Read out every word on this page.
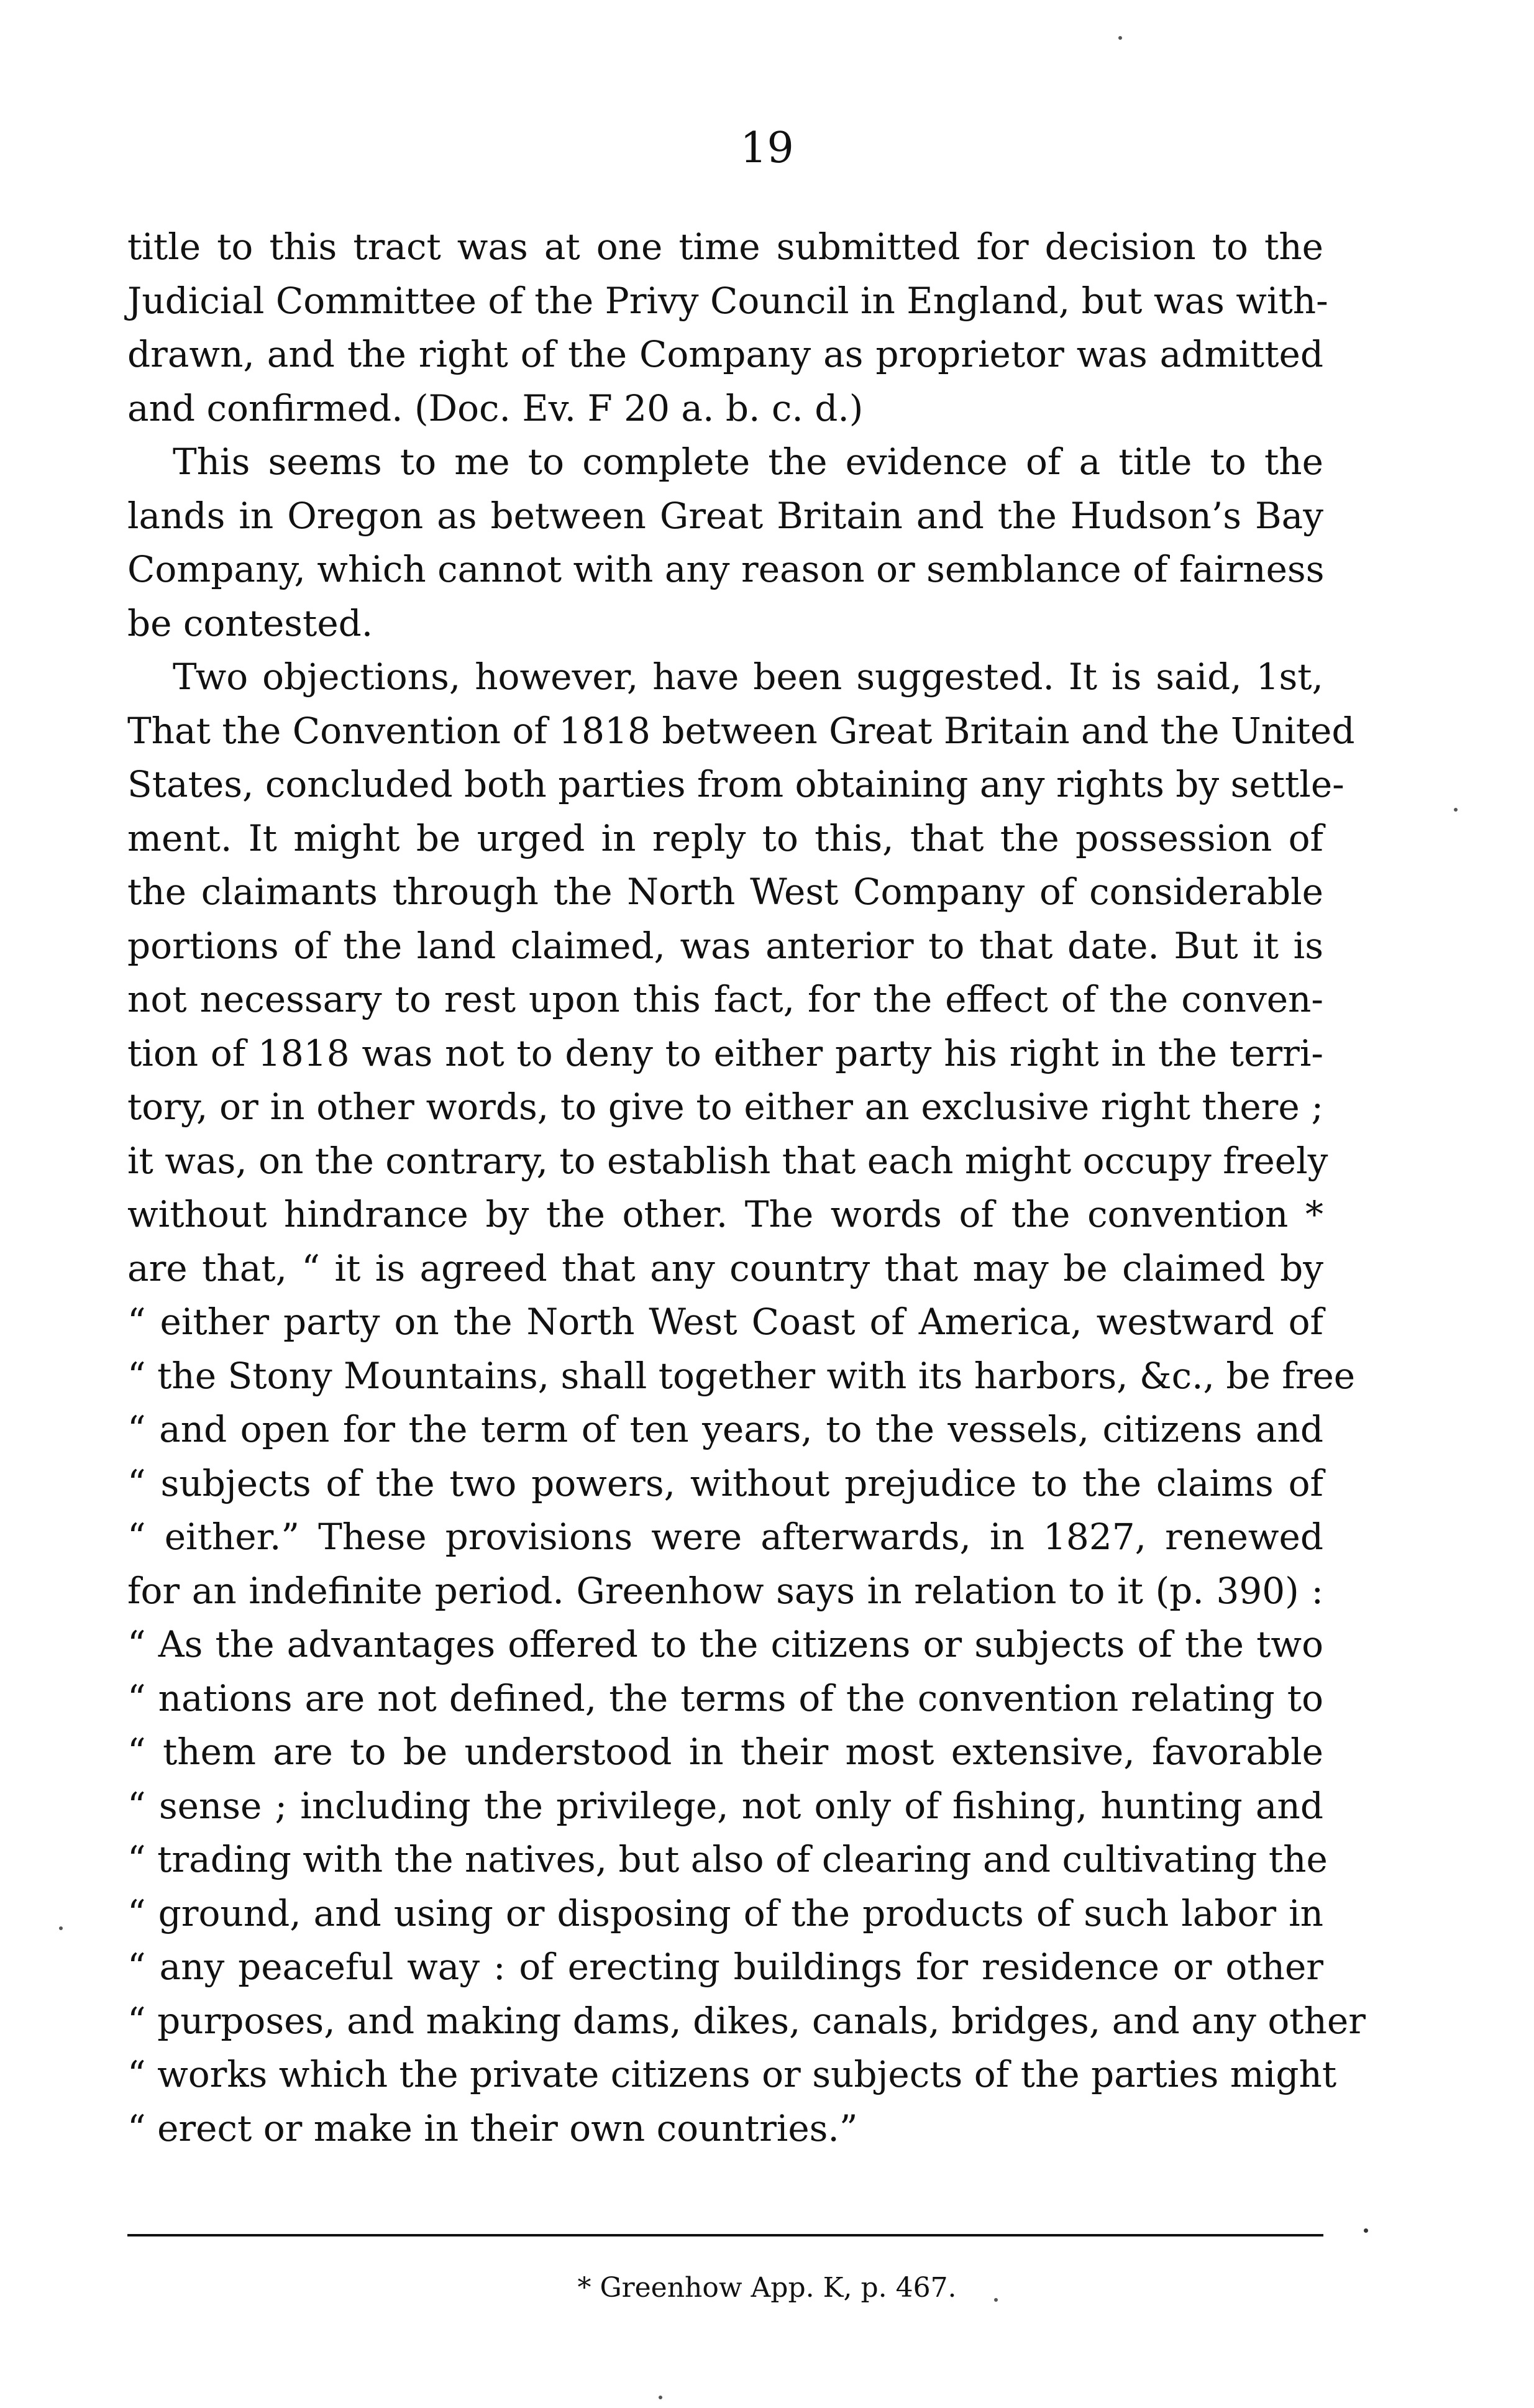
19
title to this tract was at one time submitted for decision to the
Judicial Committee of the Privy Council in England, but was with-
drawn, and the right of the Company as proprietor was admitted
and confirmed. (Doc. Ev. F 20 a. b. c. d.)
This seems to me to complete the evidence of a title to the
lands in Oregon as between Great Britain and the Hudson’s Bay
Company, which cannot with any reason or semblance of fairness
be contested.
Two objections, however, have been suggested. It is said, 1st,
That the Convention of 1818 between Great Britain and the United
States, concluded both parties from obtaining any rights by settle-
ment. It might be urged in reply to this, that the possession of
the claimants through the North West Company of considerable
portions of the land claimed, was anterior to that date. But it is
not necessary to rest upon this fact, for the effect of the conven-
tion of 1818 was not to deny to either party his right in the terri-
tory, or in other words, to give to either an exclusive right there ;
it was, on the contrary, to establish that each might occupy freely
without hindrance by the other. The words of the convention *
are that, “ it is agreed that any country that may be claimed by
“ either party on the North West Coast of America, westward of
“ the Stony Mountains, shall together with its harbors, &c., be free
“ and open for the term of ten years, to the vessels, citizens and
“ subjects of the two powers, without prejudice to the claims of
“ either.” These provisions were afterwards, in 1827, renewed
for an indefinite period. Greenhow says in relation to it (p. 390) :
“ As the advantages offered to the citizens or subjects of the two
“ nations are not defined, the terms of the convention relating to
“ them are to be understood in their most extensive, favorable
“ sense ; including the privilege, not only of fishing, hunting and
“ trading with the natives, but also of clearing and cultivating the
“ ground, and using or disposing of the products of such labor in
“ any peaceful way : of erecting buildings for residence or other
“ purposes, and making dams, dikes, canals, bridges, and any other
“ works which the private citizens or subjects of the parties might
“ erect or make in their own countries.”
* Greenhow App. K, p. 467.
